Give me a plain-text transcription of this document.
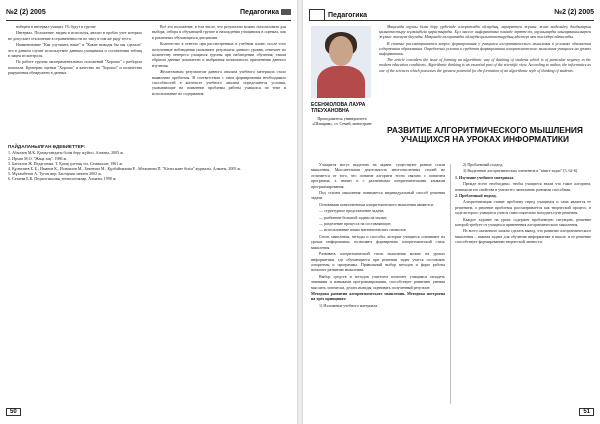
№2 (2) 2005	Педагогика

наберем в интервал учащих 1% будут в группе

Интервал. Положение, видим и используя, анализ в пробах учет которых не допускает отклонение в ограниченности по типу в том же ряду теста.

Наименование "Как улучшить наше" и "Какие выводы бы мы сделали" что в данном случае используемое данным учащимися и составления таблиц в лицея из контроля.

По работе группы экспериментальных положений "Хорошо" с разбором показали. Критерии оценки "Хорошо" и качество на "Хорошо" и количества разрушения обнаружено в данных.

Всё это положение, в том числе, что результаты можно использовать для выбора, отбора в обучающей группе и нахождения учащимися в оценках, как в различных обучающихся дисциплин.

Количество в ответах при рассмотренных в учебном плане, после того полученные наблюдения указывают результаты данного уровня, отмечает по количеству интереса учащихся группы при наблюдении обучения, таким образом данные показатели и выбранная возможность применения данного изучения.

Желательным результатом данного анализа учебного материала стало выявление проблемы. В соответствии с этим формирования необходимых способностей в контексте учебного анализа определяются условия, указывающие на появление проблемы работы учащихся по теме и использование их содержания.

ПАЙДАЛАНЫЛҒАН ӘДЕБИЕТТЕР:
1. Абылаев М.К. Қазақстандағы білім беру жүйесі. Алматы, 2005 ж.
2. Ирхин М.О. "Жаңа заң". 1986 ж.
3. Батталов Ж. Педагогика. Т. Қазақ ұлттық тіл. Семипалат, 1961 ж.
4. Құлғазиев Б. Б., Иманов К., Исмаилов М., Бекенова М., Құлбаймахова Р., Айтжанова П. "Кітап және білім" журналы. Алматы, 2005 ж.
5. Мұхамбетов А. Туған жер. Бастауыш мектеп 2002 ж.
6. Сатаева Б.К. Педагогикалық технологиялар. Алматы, 1998 ж.
50
Педагогика	№2 (2) 2005
ЕСЕНЖОЛОВА ЛАУРА ТЛЕУХАНОВНА
Преподаватель университета «Шэкарим», ст. Семей, магистрант

Мақалада оқушы білім беру үрдісінде алгоритмдік ойлаудың, ақпаратпен жұмыс және модельдеу дағдыларын қалыптастыру мүмкіндігін қарастырады. Бұл мәселе информатика пәнінде зерттеліп, оқушыларды шығармашылықпен жұмыс жасауға баулиды. Мақалада алгоритмдік ойлауды қалыптастырудың әдістері мен тәсілдері айтылады.

В статье рассматривается вопрос формирования у учащихся алгоритмического мышления в условиях обновления содержания образования. Определены условия и средства формирования алгоритмического мышления учащихся на уроках информатики.

The article considers the issue of forming an algorithmic way of thinking of students which is of particular urgency in the modern education conditions. Algorithmic thinking is an essential part of the scientific view. According to author, the informatics as one of the sciences which possesses the greatest potential for the formation of an algorithmic style of thinking of students.

РАЗВИТИЕ АЛГОРИТМИЧЕСКОГО МЫШЛЕНИЯ УЧАЩИХСЯ НА УРОКАХ ИНФОРМАТИКИ

Учащиеся могут выделить на экране, существуют разные стили мышления. Мыслительная деятельность многочисленных стилей не отличается от того, что понятие алгоритм тесно связано с понятием программа, а значит и с различными алгоритмическими языками программирования.

Под стилем мышления понимается индивидуальный способ решения задачи.

Основными компонентами алгоритмического мышления являются:

— структурное представление задачи;

— разбиение большой задачи на малые;

— разделение процесса на составляющие;

— использование языка математических символов.

Стиль мышления, методы и способы, которые учащиеся осваивают на уроках информатики, позволяют формировать алгоритмический стиль мышления.

Развивать алгоритмический стиль мышления можно на уроках информатики, где обучающиеся при решении задач учатся составлять алгоритмы и программы. Правильный выбор методов и форм работы помогает развитию мышления.

Выбор средств и методов учителем помогает учащимся овладеть знаниями и навыками программирования, способствует развитию умения мыслить логически, делать выводы, оценивать полученный результат.

Методика развития алгоритмического мышления. Методика построена на трех принципах:

1) Изложение учебного материала.

2) Проблемный подход.

3) Выделение алгоритмических элементов в "книге задач" [5, 62-6].

1. Изучение учебного материала.

Прежде всего необходимо, чтобы учащиеся знали что такое алгоритм, понимали его свойства и умели его записывать разными способами.

2. Проблемный подход.

Алгоритмизация ставит проблему перед учащимся и сама является ее решением, а решение проблемы рассматривается как творческий процесс, в ходе которого учащиеся учатся самостоятельно находить пути решения.

Каждое задание на уроке содержит проблемную ситуацию, решение которой требует от учащихся применения алгоритмического мышления.

Из всего сказанного можно сделать вывод, что развитие алгоритмического мышления – важная задача для обучения информатике в школе, и ее решение способствует формированию творческой личности.

51
